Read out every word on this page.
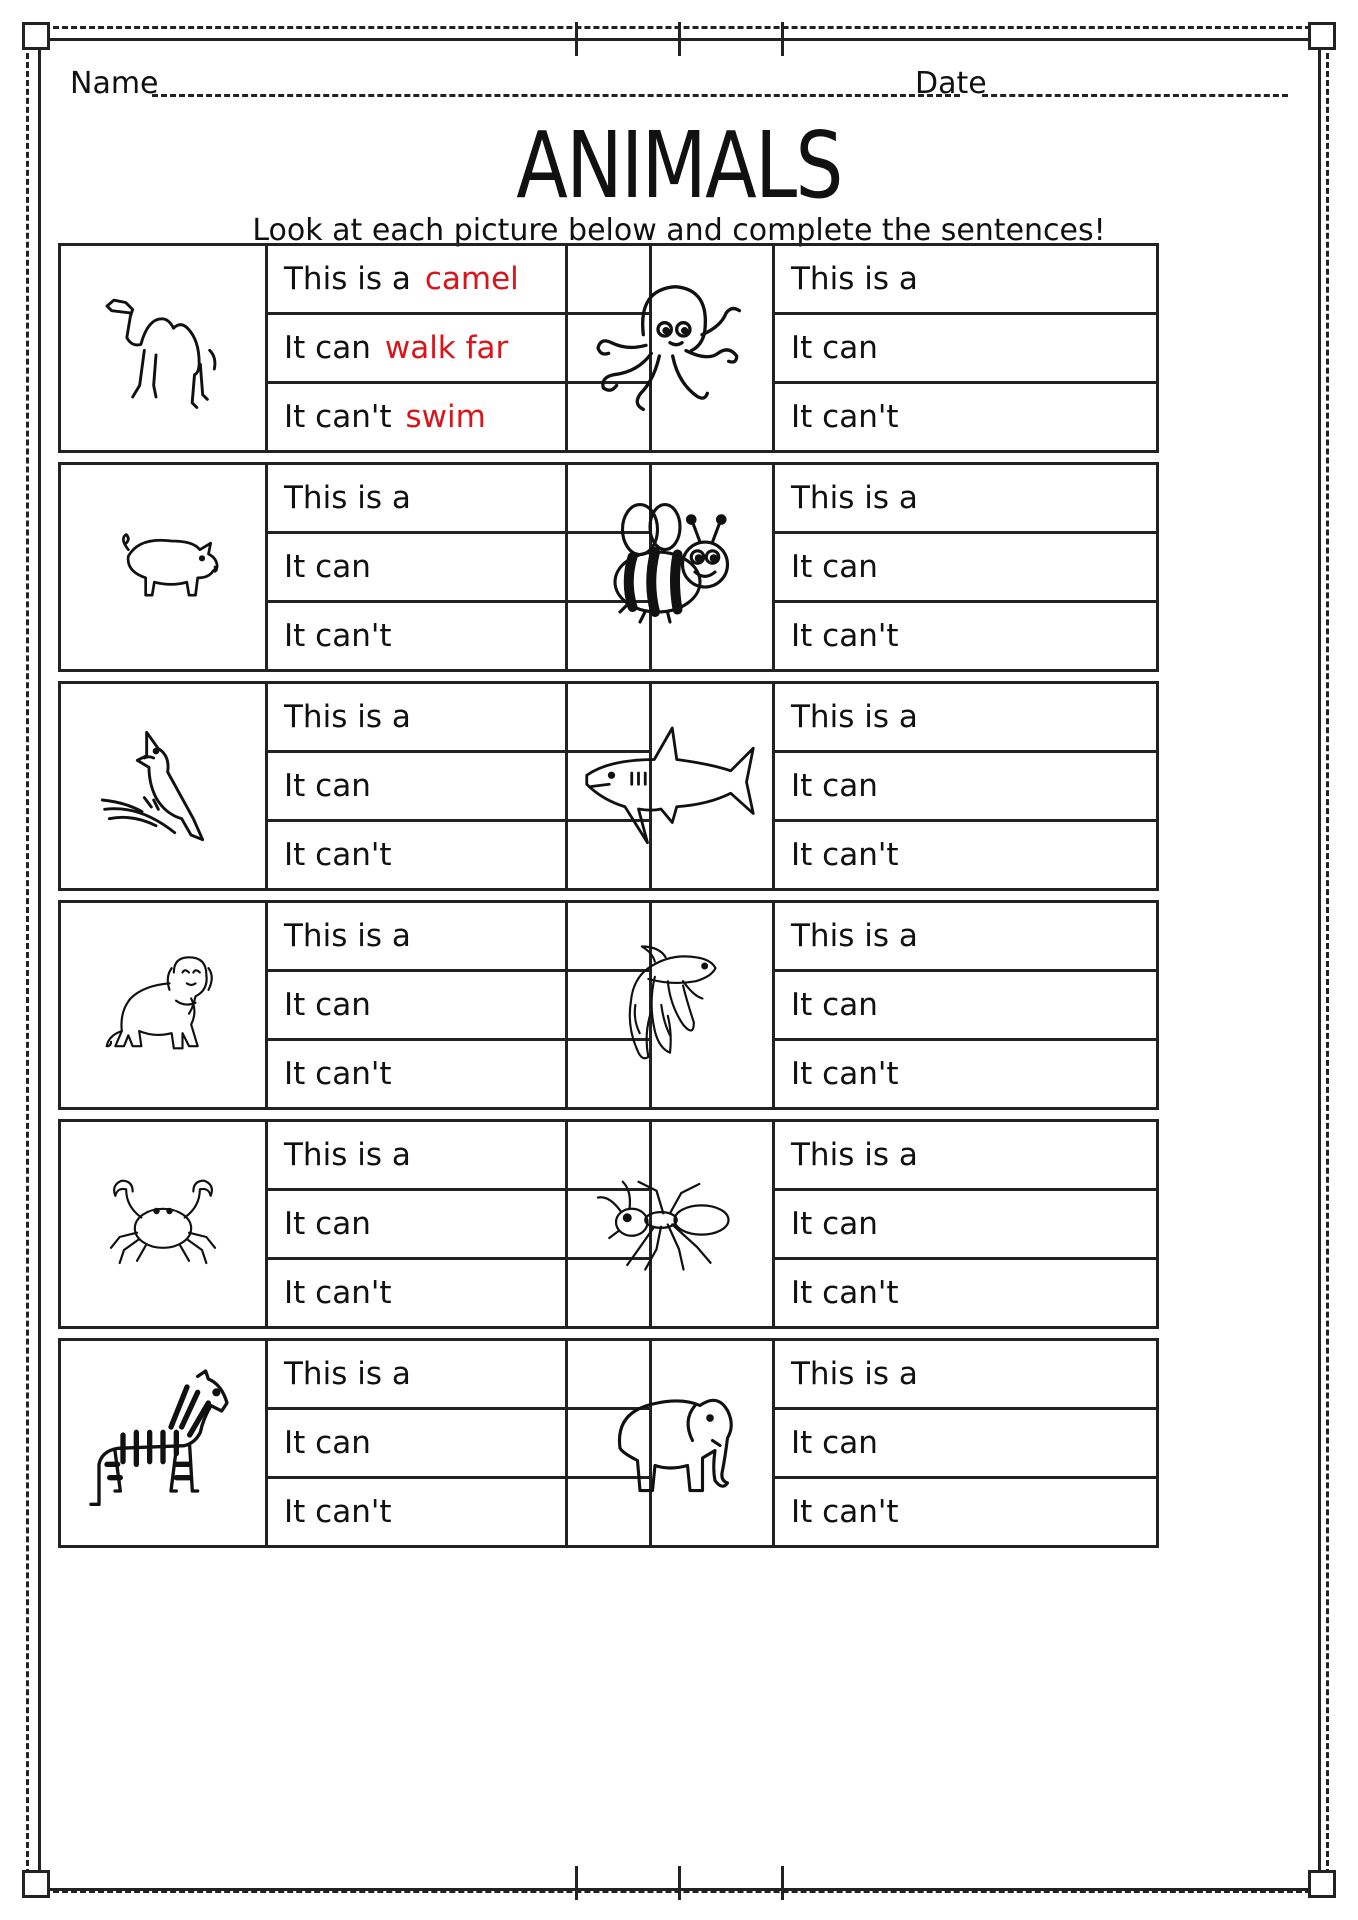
Name	Date
ANIMALS
Look at each picture below and complete the sentences!
This is a camel
It can walk far
It can't swim
This is a
It can
It can't
This is a
It can
It can't
This is a
It can
It can't
This is a
It can
It can't
This is a
It can
It can't
This is a
It can
It can't
This is a
It can
It can't
This is a
It can
It can't
This is a
It can
It can't
This is a
It can
It can't
This is a
It can
It can't
